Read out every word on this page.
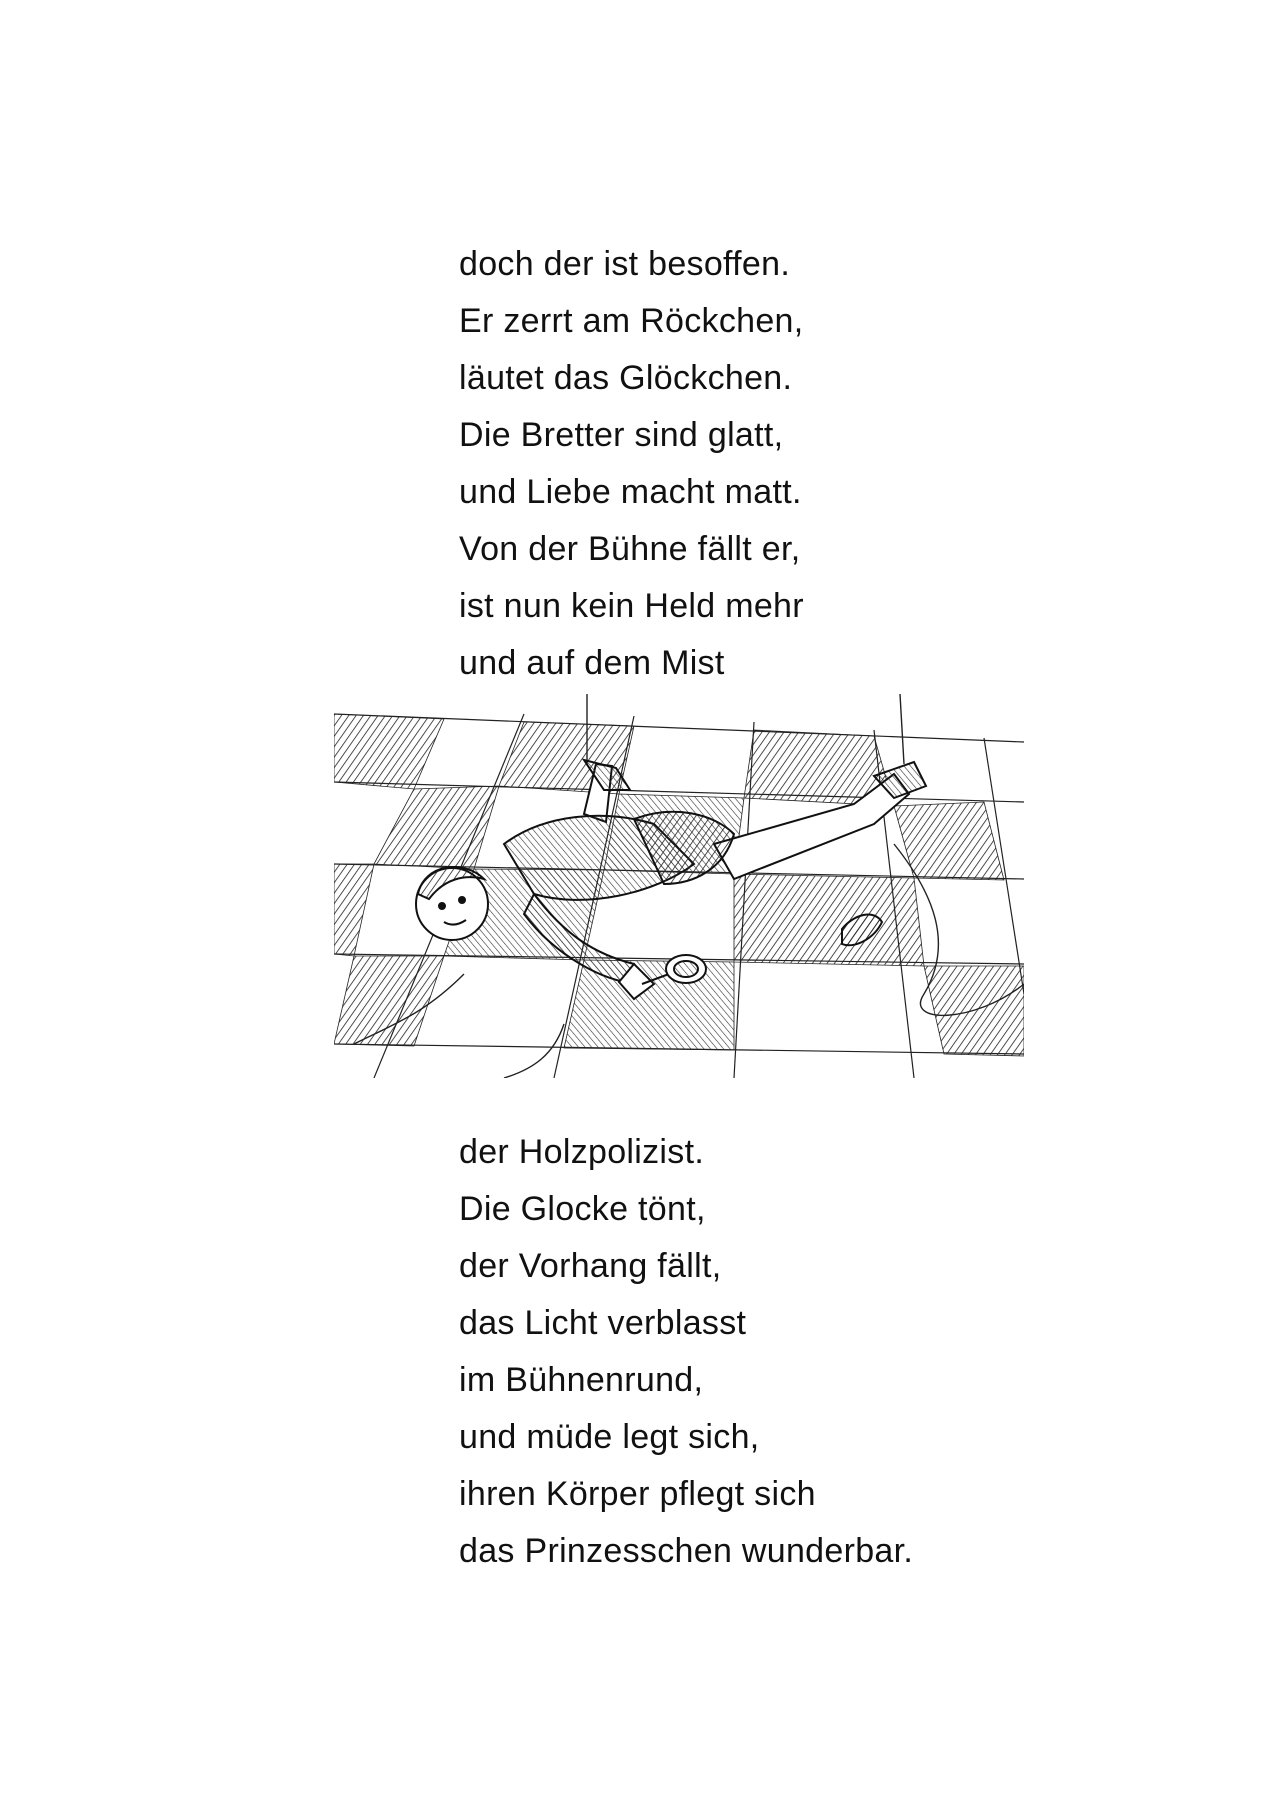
doch der ist besoffen.
Er zerrt am Röckchen,
läutet das Glöckchen.
Die Bretter sind glatt,
und Liebe macht matt.
Von der Bühne fällt er,
ist nun kein Held mehr
und auf dem Mist
der Holzpolizist.
Die Glocke tönt,
der Vorhang fällt,
das Licht verblasst
im Bühnenrund,
und müde legt sich,
ihren Körper pflegt sich
das Prinzesschen wunderbar.
